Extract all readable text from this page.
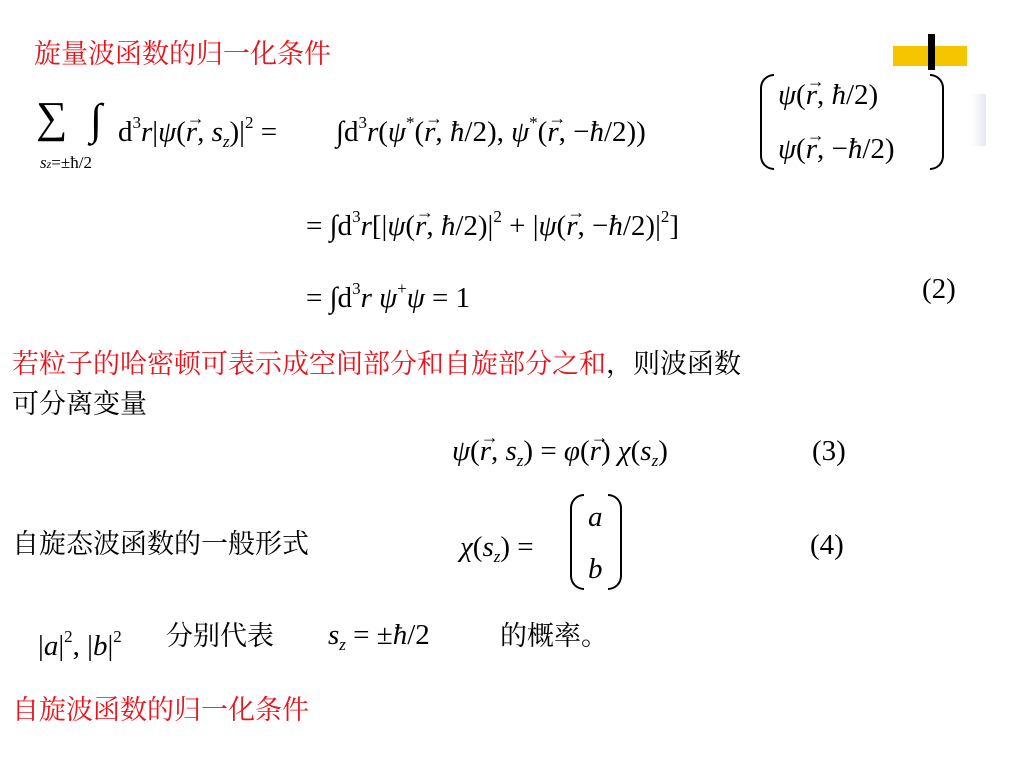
旋量波函数的归一化条件
∑
sz=±ħ/2
∫ $d^3r|\psi(\to r$, $s_z)|^2 = \int d^3r(\psi^*(\to r$, ħ/2), ψ*(→ r, −ħ/2))
ψ(→ r, ħ/2)
ψ(→ r, −ħ/2)
= $\int d^3r[|\psi(\to r$, $ħ/2)|^2 + |\psi(\to r$, $-ħ/2)|^2$]
= $\int d^3r$ ψ+ψ = 1	(2)
若粒子的哈密顿可表示成空间部分和自旋部分之和，则波函数
可分离变量
ψ(→ r, $s_z) = \varphi(\to r)$ $\chi(s_z)$	(3)
自旋态波函数的一般形式	$\chi(s_z)$ =
a
b
(4)
$|a|^2$, $|b|^2$ 分别代表 $s_z$ = ±ħ/2	的概率。
自旋波函数的归一化条件
